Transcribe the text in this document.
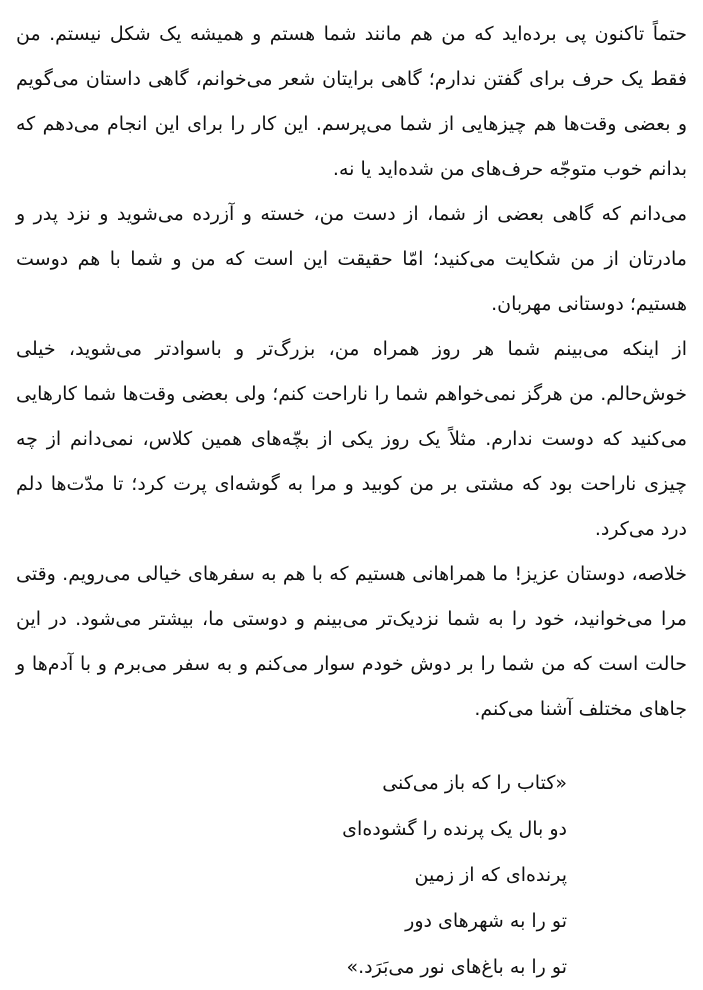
حتماً تاکنون پی برده‌اید که من هم مانند شما هستم و همیشه یک شکل نیستم. من فقط یک حرف برای گفتن ندارم؛ گاهی برایتان شعر می‌خوانم، گاهی داستان می‌گویم و بعضی وقت‌ها هم چیزهایی از شما می‌پرسم. این کار را برای این انجام می‌دهم که بدانم خوب متوجّه حرف‌های من شده‌اید یا نه.

می‌دانم که گاهی بعضی از شما، از دست من، خسته و آزرده می‌شوید و نزد پدر و مادرتان از من شکایت می‌کنید؛ امّا حقیقت این است که من و شما با هم دوست هستیم؛ دوستانی مهربان.

از اینکه می‌بینم شما هر روز همراه من، بزرگ‌تر و باسوادتر می‌شوید، خیلی خوش‌حالم. من هرگز نمی‌خواهم شما را ناراحت کنم؛ ولی بعضی وقت‌ها شما کارهایی می‌کنید که دوست ندارم. مثلاً یک روز یکی از بچّه‌های همین کلاس، نمی‌دانم از چه چیزی ناراحت بود که مشتی بر من کوبید و مرا به گوشه‌ای پرت کرد؛ تا مدّت‌ها دلم درد می‌کرد.

خلاصه، دوستان عزیز! ما همراهانی هستیم که با هم به سفرهای خیالی می‌رویم. وقتی مرا می‌خوانید، خود را به شما نزدیک‌تر می‌بینم و دوستی ما، بیشتر می‌شود. در این حالت است که من شما را بر دوش خودم سوار می‌کنم و به سفر می‌برم و با آدم‌ها و جاهای مختلف آشنا می‌کنم.

«کتاب را که باز می‌کنی
دو بال یک پرنده را گشوده‌ای
پرنده‌ای که از زمین
تو را به شهرهای دور
تو را به باغ‌های نور می‌بَرَد.»
